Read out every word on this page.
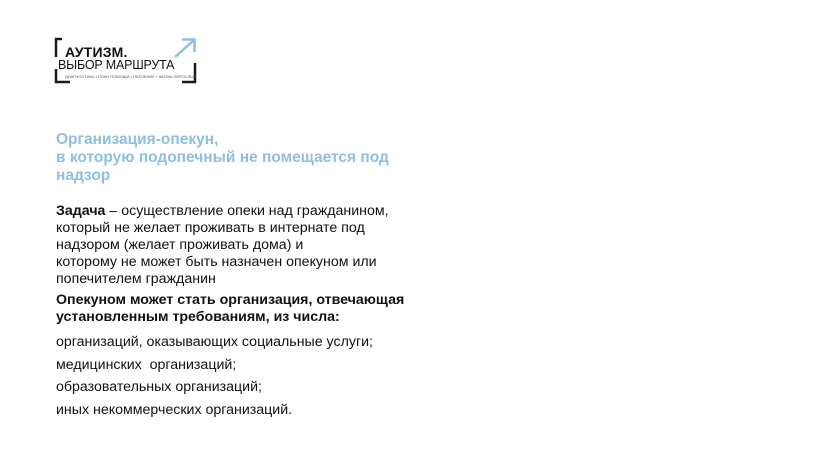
АУТИЗМ.
ВЫБОР МАРШРУТА
ДИАГНОСТИКА • ПЛАН ПОМОЩИ • ОБУЧЕНИЕ • ЖИЗНЬ ВЗРОСЛЫХ
Организация-опекун,
в которую подопечный не помещается под
надзор
Задача – осуществление опеки над гражданином,
который не желает проживать в интернате под
надзором (желает проживать дома) и
которому не может быть назначен опекуном или
попечителем гражданин
Опекуном может стать организация, отвечающая
установленным требованиям, из числа:
организаций, оказывающих социальные услуги;
медицинских  организаций;
образовательных организаций;
иных некоммерческих организаций.
